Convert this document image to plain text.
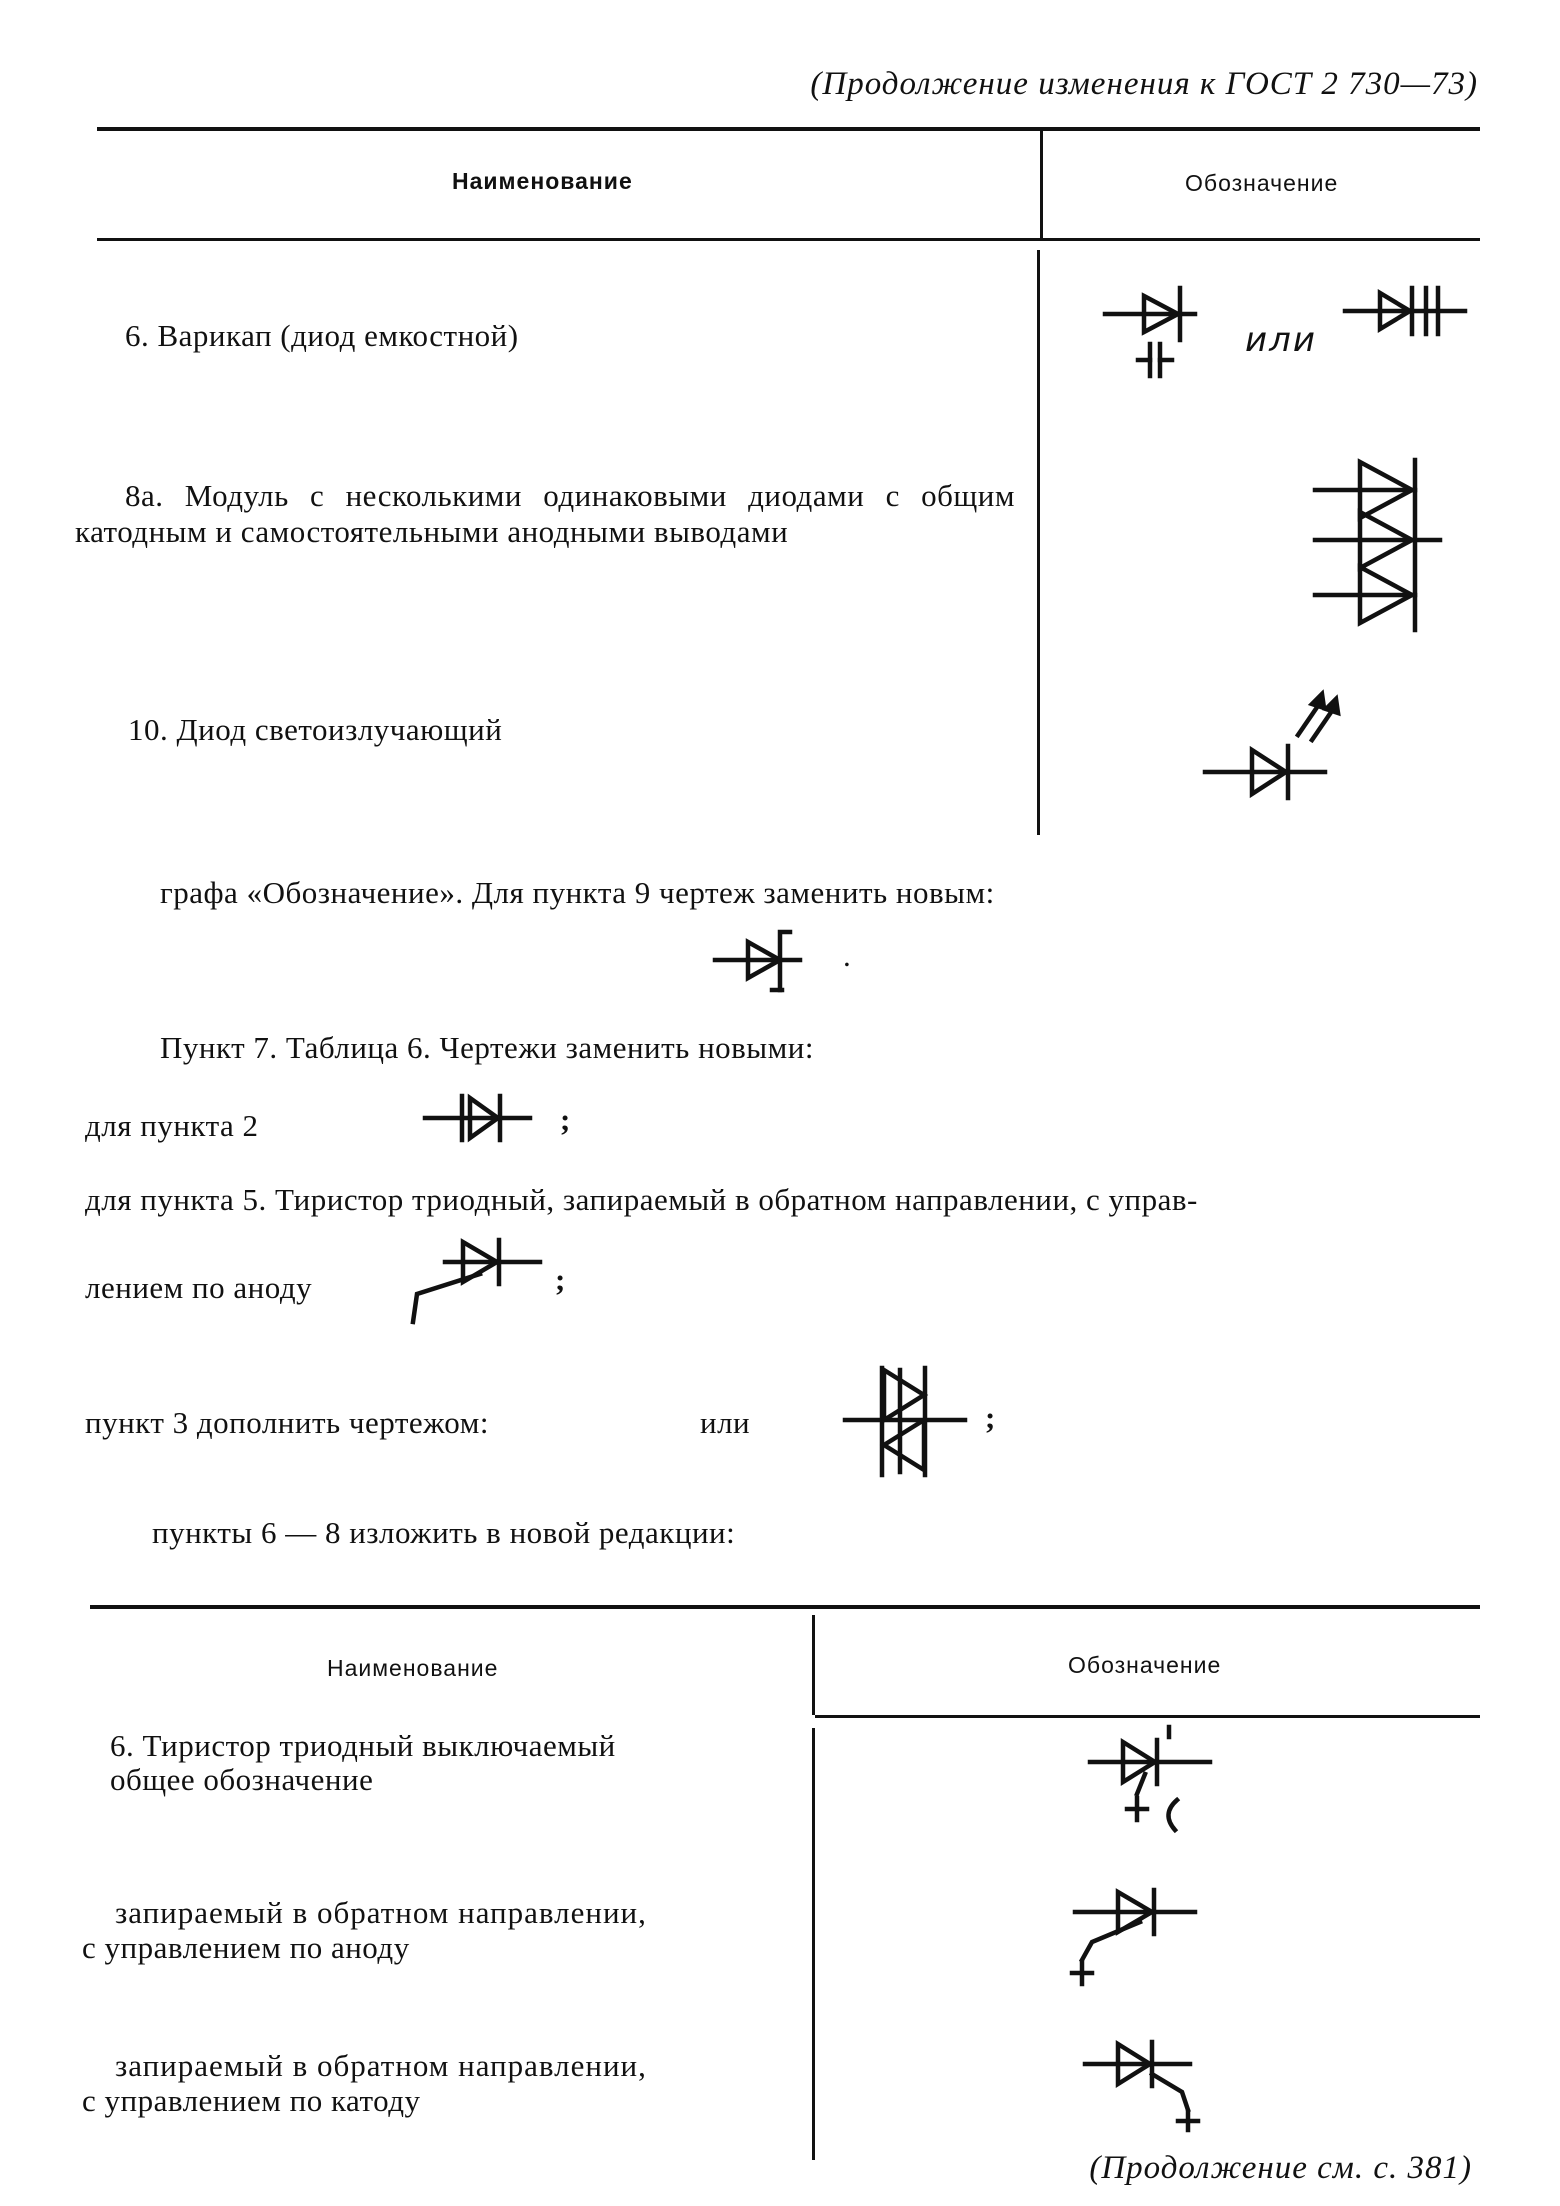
(Продолжение изменения к ГОСТ 2 730—73)
Наименование	Обозначение
6. Варикап (диод емкостной)	или
8а. Модуль с несколькими одинаковыми диодами с общим катодным и самостоятельными анодными выводами
10. Диод светоизлучающий
графа «Обозначение». Для пункта 9 чертеж заменить новым:
.
Пункт 7. Таблица 6. Чертежи заменить новыми:
для пункта 2	;
для пункта 5. Тиристор триодный, запираемый в обратном направлении, с управ-
лением по аноду	;
пункт 3 дополнить чертежом:	или	;
пункты 6 — 8 изложить в новой редакции:
Наименование	Обозначение
6. Тиристор триодный выключаемый
общее обозначение
запираемый в обратном направлении,
с управлением по аноду
запираемый в обратном направлении,
с управлением по катоду
(Продолжение см. с. 381)
